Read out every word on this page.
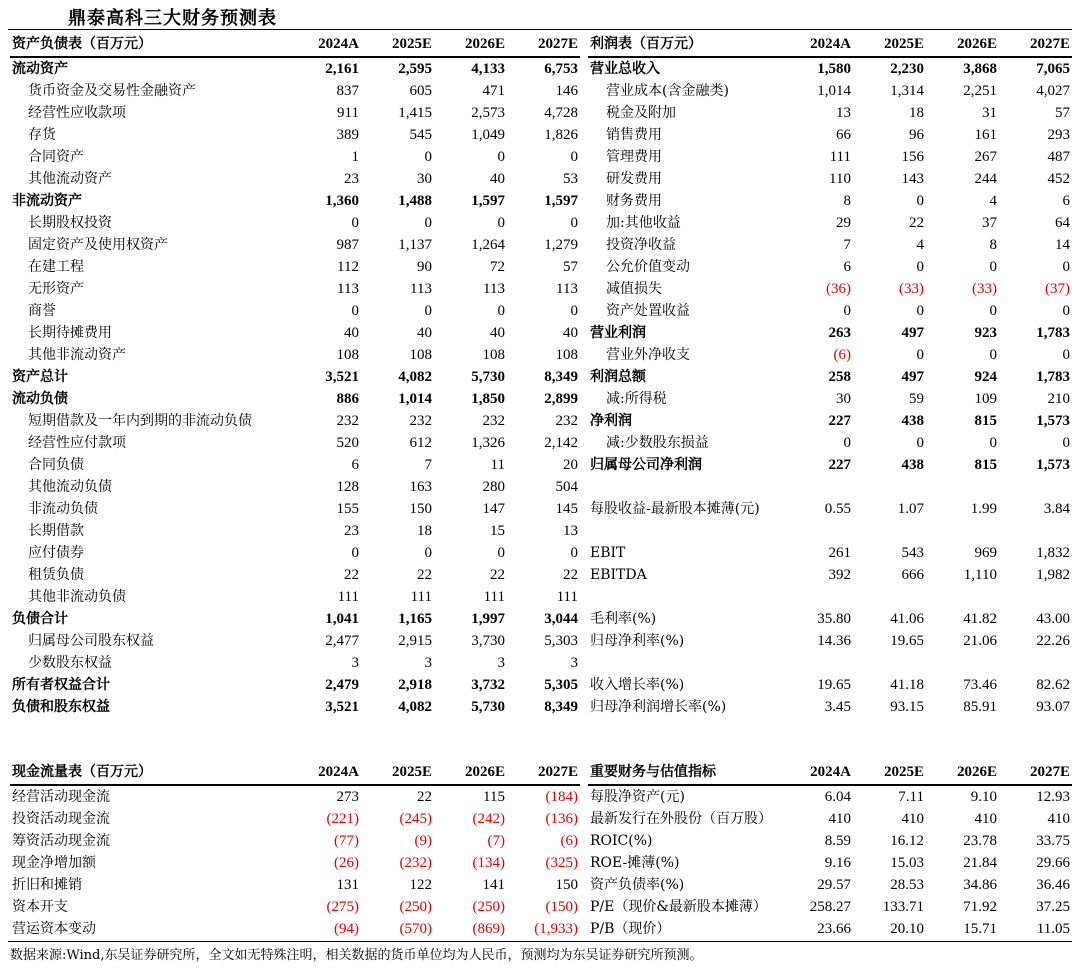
鼎泰高科三大财务预测表
资产负债表（百万元）	2024A	2025E	2026E	2027E
流动资产	2,161	2,595	4,133	6,753
货币资金及交易性金融资产	837	605	471	146
经营性应收款项	911	1,415	2,573	4,728
存货	389	545	1,049	1,826
合同资产	1	0	0	0
其他流动资产	23	30	40	53
非流动资产	1,360	1,488	1,597	1,597
长期股权投资	0	0	0	0
固定资产及使用权资产	987	1,137	1,264	1,279
在建工程	112	90	72	57
无形资产	113	113	113	113
商誉	0	0	0	0
长期待摊费用	40	40	40	40
其他非流动资产	108	108	108	108
资产总计	3,521	4,082	5,730	8,349
流动负债	886	1,014	1,850	2,899
短期借款及一年内到期的非流动负债	232	232	232	232
经营性应付款项	520	612	1,326	2,142
合同负债	6	7	11	20
其他流动负债	128	163	280	504
非流动负债	155	150	147	145
长期借款	23	18	15	13
应付债券	0	0	0	0
租赁负债	22	22	22	22
其他非流动负债	111	111	111	111
负债合计	1,041	1,165	1,997	3,044
归属母公司股东权益	2,477	2,915	3,730	5,303
少数股东权益	3	3	3	3
所有者权益合计	2,479	2,918	3,732	5,305
负债和股东权益	3,521	4,082	5,730	8,349
利润表（百万元）	2024A	2025E	2026E	2027E
营业总收入	1,580	2,230	3,868	7,065
营业成本(含金融类)	1,014	1,314	2,251	4,027
税金及附加	13	18	31	57
销售费用	66	96	161	293
管理费用	111	156	267	487
研发费用	110	143	244	452
财务费用	8	0	4	6
加:其他收益	29	22	37	64
投资净收益	7	4	8	14
公允价值变动	6	0	0	0
减值损失	(36)	(33)	(33)	(37)
资产处置收益	0	0	0	0
营业利润	263	497	923	1,783
营业外净收支	(6)	0	0	0
利润总额	258	497	924	1,783
减:所得税	30	59	109	210
净利润	227	438	815	1,573
减:少数股东损益	0	0	0	0
归属母公司净利润	227	438	815	1,573

每股收益-最新股本摊薄(元)	0.55	1.07	1.99	3.84

EBIT	261	543	969	1,832
EBITDA	392	666	1,110	1,982

毛利率(%)	35.80	41.06	41.82	43.00
归母净利率(%)	14.36	19.65	21.06	22.26

收入增长率(%)	19.65	41.18	73.46	82.62
归母净利润增长率(%)	3.45	93.15	85.91	93.07
现金流量表（百万元）	2024A	2025E	2026E	2027E
经营活动现金流	273	22	115	(184)
投资活动现金流	(221)	(245)	(242)	(136)
筹资活动现金流	(77)	(9)	(7)	(6)
现金净增加额	(26)	(232)	(134)	(325)
折旧和摊销	131	122	141	150
资本开支	(275)	(250)	(250)	(150)
营运资本变动	(94)	(570)	(869)	(1,933)
重要财务与估值指标	2024A	2025E	2026E	2027E
每股净资产(元)	6.04	7.11	9.10	12.93
最新发行在外股份（百万股）	410	410	410	410
ROIC(%)	8.59	16.12	23.78	33.75
ROE-摊薄(%)	9.16	15.03	21.84	29.66
资产负债率(%)	29.57	28.53	34.86	36.46
P/E（现价&最新股本摊薄）	258.27	133.71	71.92	37.25
P/B（现价）	23.66	20.10	15.71	11.05
数据来源:Wind,东吴证券研究所，全文如无特殊注明，相关数据的货币单位均为人民币，预测均为东吴证券研究所预测。
